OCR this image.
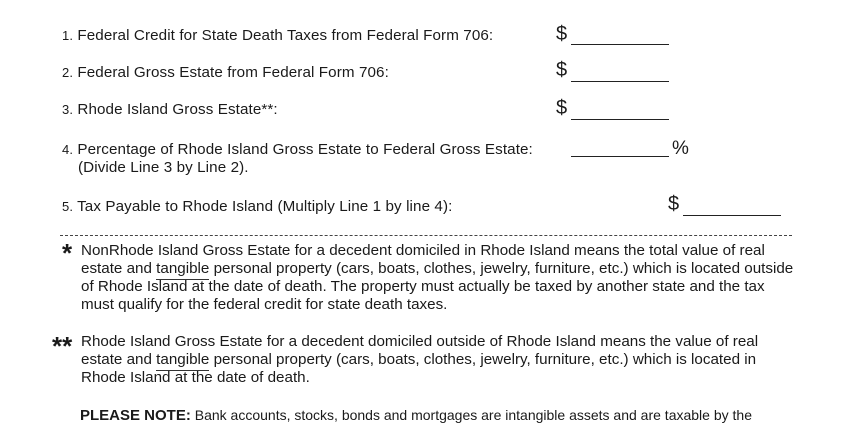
1. Federal Credit for State Death Taxes from Federal Form 706:	$
2. Federal Gross Estate from Federal Form 706:	$
3. Rhode Island Gross Estate**:	$
4. Percentage of Rhode Island Gross Estate to Federal Gross Estate:
(Divide Line 3 by Line 2).
%
5. Tax Payable to Rhode Island (Multiply Line 1 by line 4):	$
* NonRhode Island Gross Estate for a decedent domiciled in Rhode Island means the total value of real
estate and tangible personal property (cars, boats, clothes, jewelry, furniture, etc.) which is located outside
of Rhode Island at the date of death. The property must actually be taxed by another state and the tax
must qualify for the federal credit for state death taxes.
** Rhode Island Gross Estate for a decedent domiciled outside of Rhode Island means the value of real
estate and tangible personal property (cars, boats, clothes, jewelry, furniture, etc.) which is located in
Rhode Island at the date of death.
PLEASE NOTE: Bank accounts, stocks, bonds and mortgages are intangible assets and are taxable by the
